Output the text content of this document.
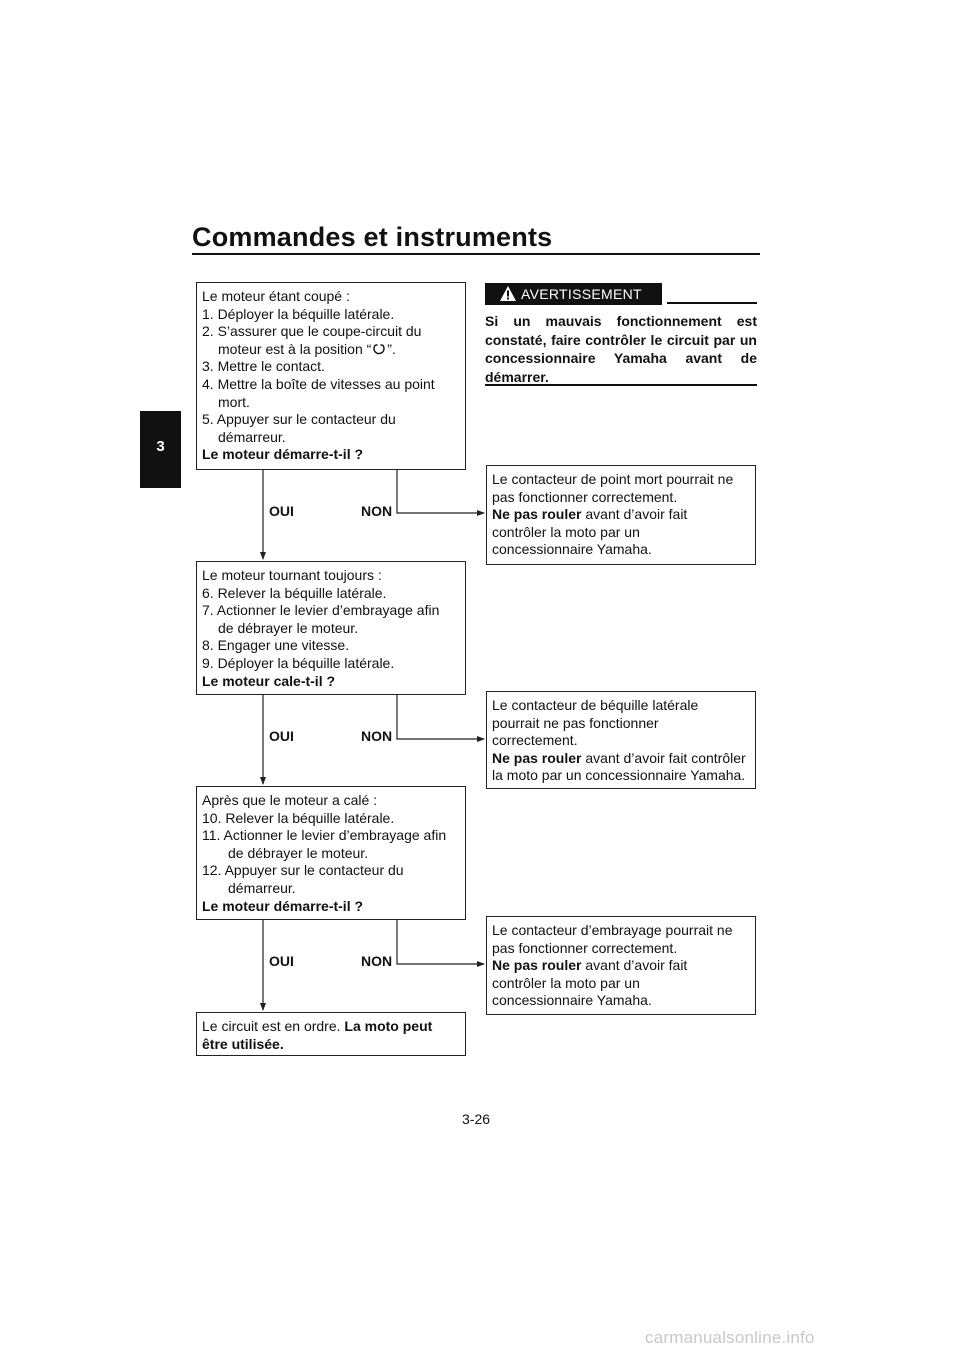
Commandes et instruments
3
Le moteur étant coupé :
1. Déployer la béquille latérale.
2. S’assurer que le coupe-circuit du
moteur est à la position “ ”.
3. Mettre le contact.
4. Mettre la boîte de vitesses au point
mort.
5. Appuyer sur le contacteur du
démarreur.
Le moteur démarre-t-il ?
Le moteur tournant toujours :
6. Relever la béquille latérale.
7. Actionner le levier d’embrayage afin
de débrayer le moteur.
8. Engager une vitesse.
9. Déployer la béquille latérale.
Le moteur cale-t-il ?
Après que le moteur a calé :
10. Relever la béquille latérale.
11. Actionner le levier d’embrayage afin
de débrayer le moteur.
12. Appuyer sur le contacteur du
démarreur.
Le moteur démarre-t-il ?
Le circuit est en ordre. La moto peut
être utilisée.
OUI	NON
OUI	NON
OUI	NON
AVERTISSEMENT
Si un mauvais fonctionnement est constaté, faire contrôler le circuit par un concessionnaire Yamaha avant de démarrer.
Le contacteur de point mort pourrait ne
pas fonctionner correctement.
Ne pas rouler avant d’avoir fait
contrôler la moto par un
concessionnaire Yamaha.
Le contacteur de béquille latérale
pourrait ne pas fonctionner
correctement.
Ne pas rouler avant d’avoir fait contrôler
la moto par un concessionnaire Yamaha.
Le contacteur d’embrayage pourrait ne
pas fonctionner correctement.
Ne pas rouler avant d’avoir fait
contrôler la moto par un
concessionnaire Yamaha.
3-26
carmanualsonline.info
